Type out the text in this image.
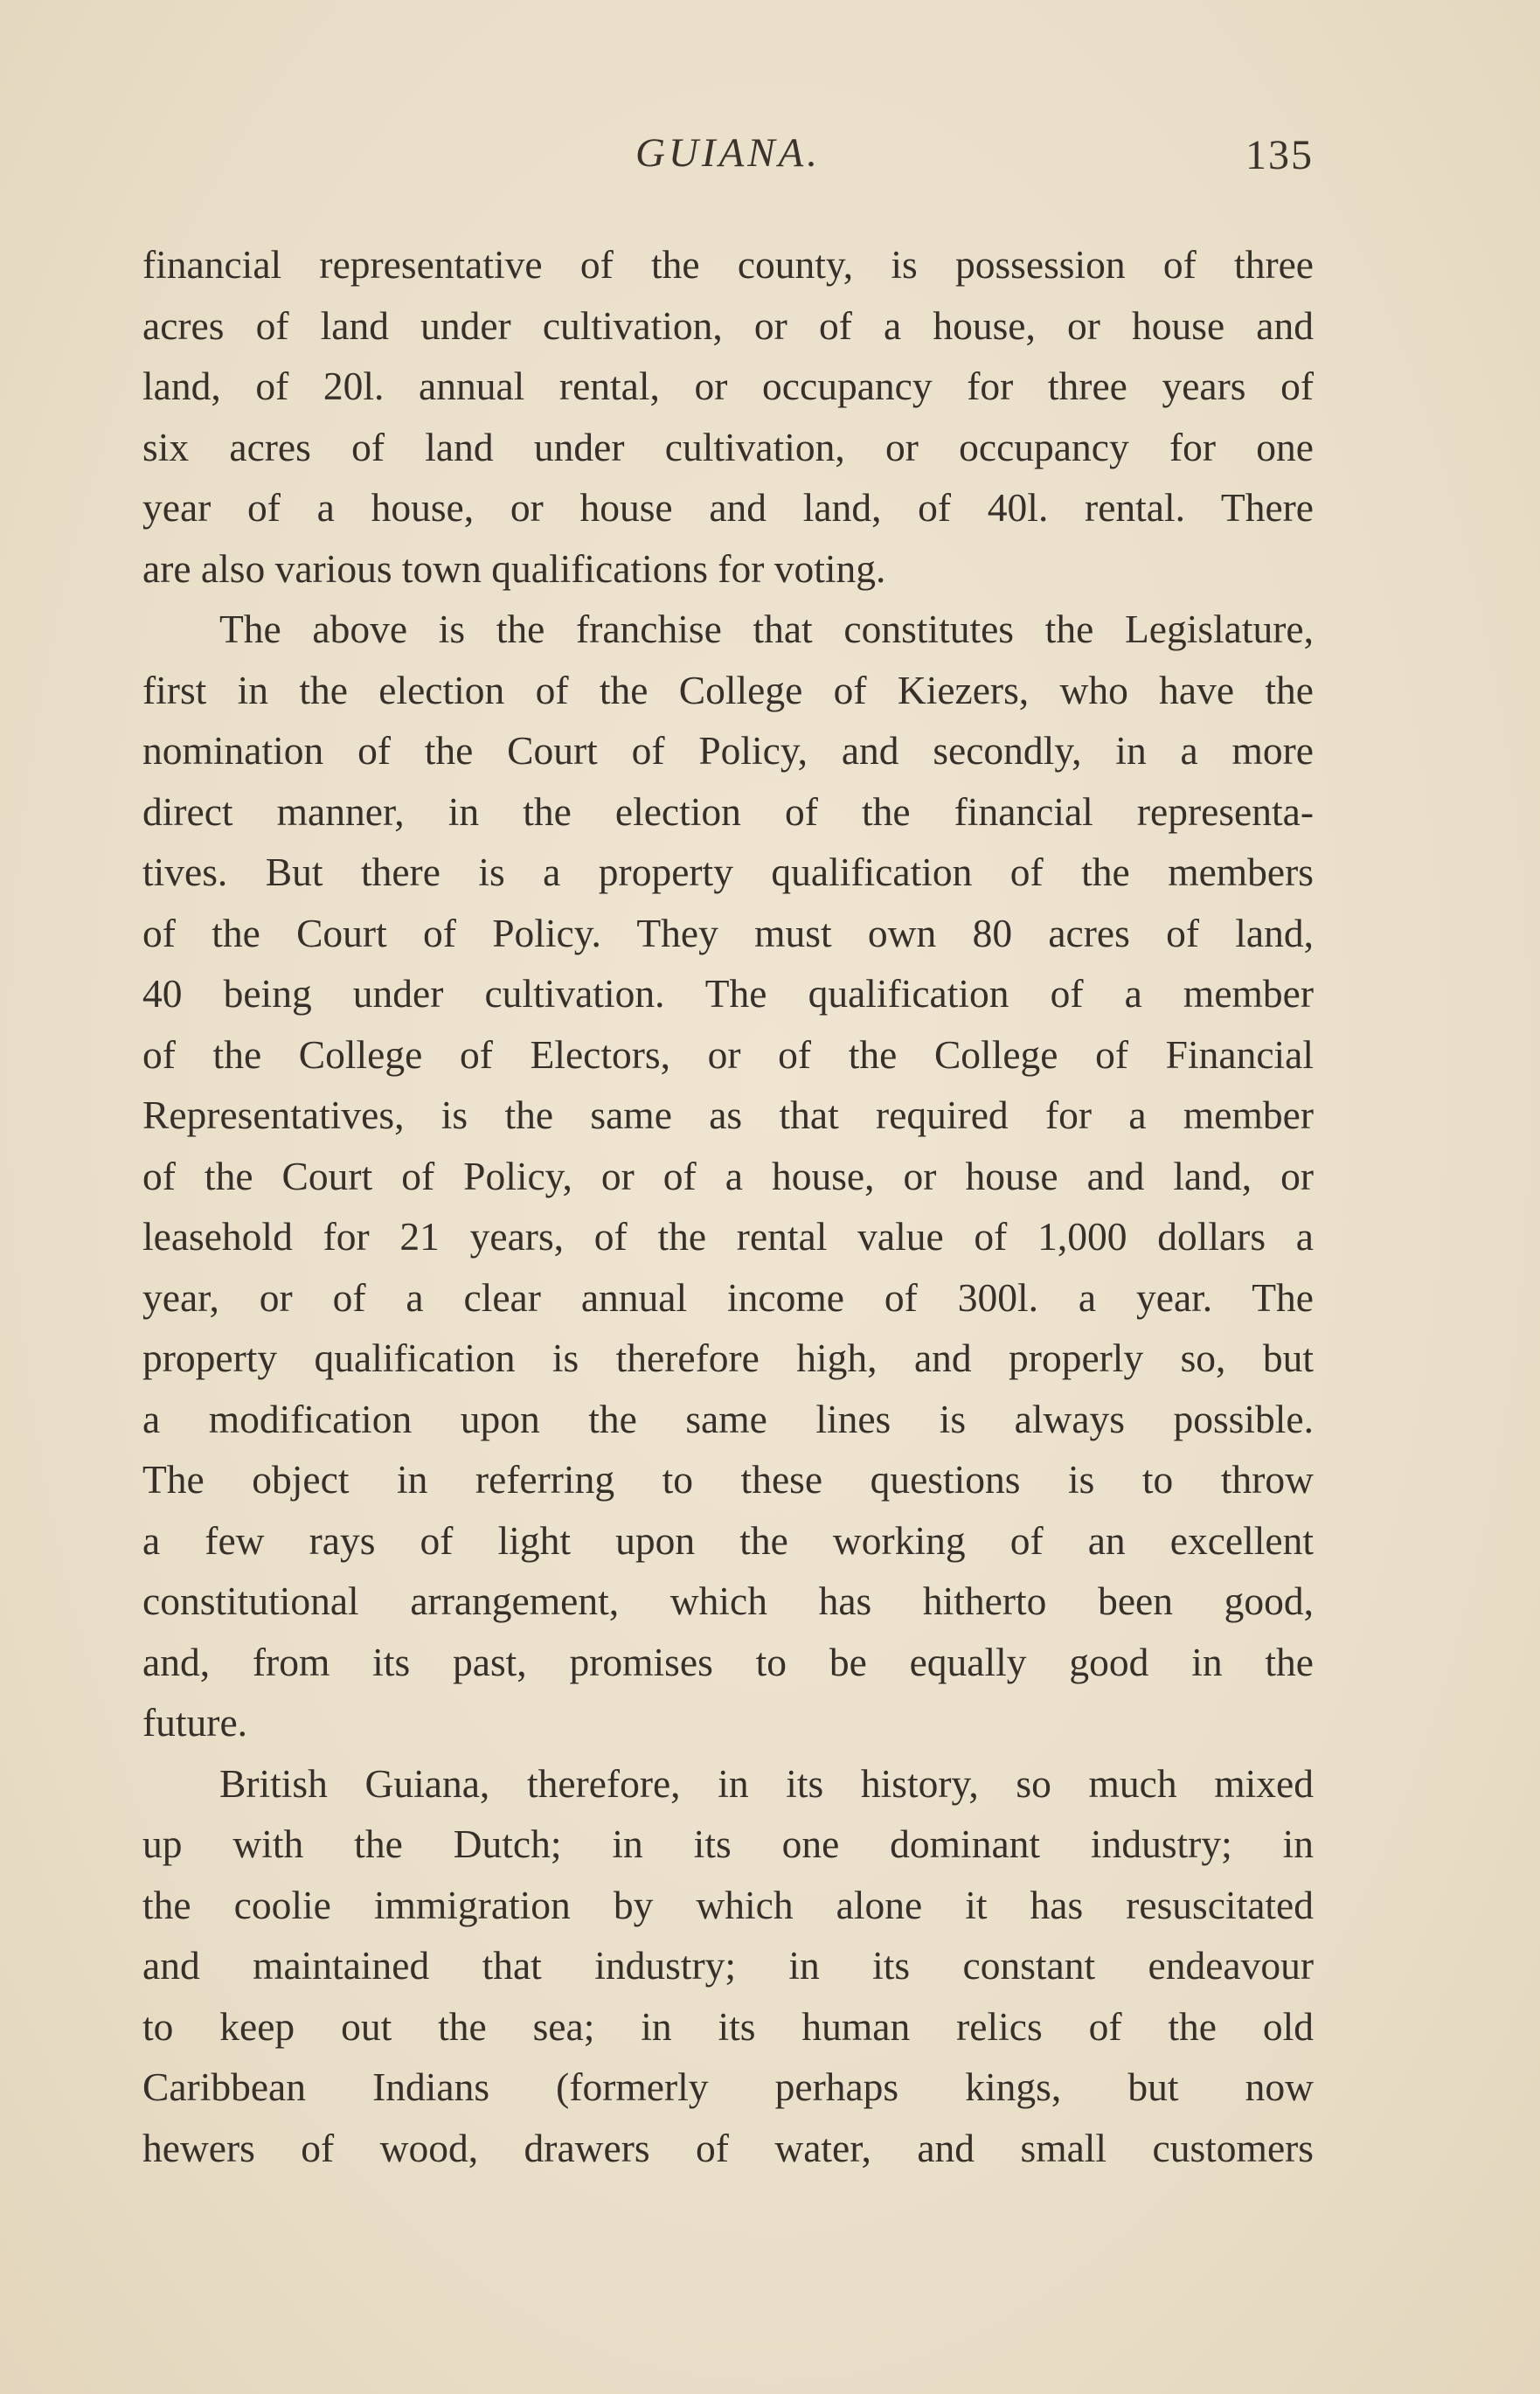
GUIANA.	135
financial representative of the county, is possession of three
acres of land under cultivation, or of a house, or house and
land, of 20l. annual rental, or occupancy for three years of
six acres of land under cultivation, or occupancy for one
year of a house, or house and land, of 40l. rental. There
are also various town qualifications for voting.
The above is the franchise that constitutes the Legislature,
first in the election of the College of Kiezers, who have the
nomination of the Court of Policy, and secondly, in a more
direct manner, in the election of the financial representa-
tives. But there is a property qualification of the members
of the Court of Policy. They must own 80 acres of land,
40 being under cultivation. The qualification of a member
of the College of Electors, or of the College of Financial
Representatives, is the same as that required for a member
of the Court of Policy, or of a house, or house and land, or
leasehold for 21 years, of the rental value of 1,000 dollars a
year, or of a clear annual income of 300l. a year. The
property qualification is therefore high, and properly so, but
a modification upon the same lines is always possible.
The object in referring to these questions is to throw
a few rays of light upon the working of an excellent
constitutional arrangement, which has hitherto been good,
and, from its past, promises to be equally good in the
future.
British Guiana, therefore, in its history, so much mixed
up with the Dutch; in its one dominant industry; in
the coolie immigration by which alone it has resuscitated
and maintained that industry; in its constant endeavour
to keep out the sea; in its human relics of the old
Caribbean Indians (formerly perhaps kings, but now
hewers of wood, drawers of water, and small customers
